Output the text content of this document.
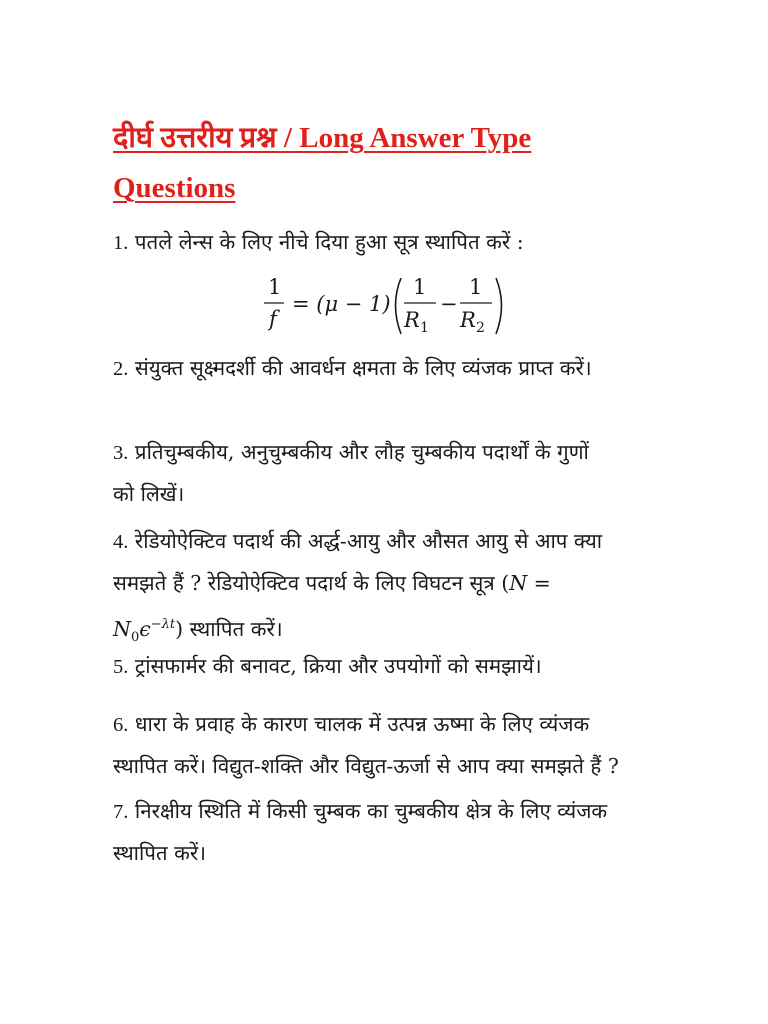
दीर्घ उत्तरीय प्रश्न / Long Answer Type
Questions

1. पतले लेन्स के लिए नीचे दिया हुआ सूत्र स्थापित करें :

1
f
= (μ − 1)
1
R 1
−
1
R 2

2. संयुक्त सूक्ष्मदर्शी की आवर्धन क्षमता के लिए व्यंजक प्राप्त करें।

3. प्रतिचुम्बकीय, अनुचुम्बकीय और लौह चुम्बकीय पदार्थों के गुणों
को लिखें।

4. रेडियोऐक्टिव पदार्थ की अर्द्ध-आयु और औसत आयु से आप क्या
समझते हैं ? रेडियोऐक्टिव पदार्थ के लिए विघटन सूत्र (N =
$N_0\epsilon^{-\lambda t}$) स्थापित करें।

5. ट्रांसफार्मर की बनावट, क्रिया और उपयोगों को समझायें।

6. धारा के प्रवाह के कारण चालक में उत्पन्न ऊष्मा के लिए व्यंजक
स्थापित करें। विद्युत-शक्ति और विद्युत-ऊर्जा से आप क्या समझते हैं ?

7. निरक्षीय स्थिति में किसी चुम्बक का चुम्बकीय क्षेत्र के लिए व्यंजक
स्थापित करें।
